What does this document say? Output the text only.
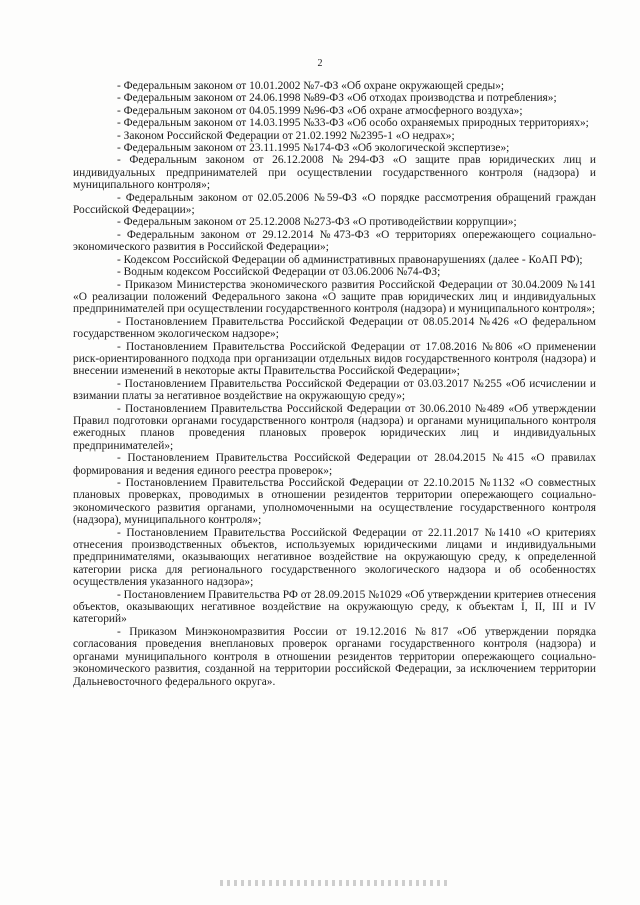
2

- Федеральным законом от 10.01.2002 №7-ФЗ «Об охране окружающей среды»;

- Федеральным законом от 24.06.1998 №89-ФЗ «Об отходах производства и потребления»;

- Федеральным законом от 04.05.1999 №96-ФЗ «Об охране атмосферного воздуха»;

- Федеральным законом от 14.03.1995 №33-ФЗ «Об особо охраняемых природных территориях»;

- Законом Российской Федерации от 21.02.1992 №2395-1 «О недрах»;

- Федеральным законом от 23.11.1995 №174-ФЗ «Об экологической экспертизе»;

- Федеральным законом от 26.12.2008 №294-ФЗ «О защите прав юридических лиц и индивидуальных предпринимателей при осуществлении государственного контроля (надзора) и муниципального контроля»;

- Федеральным законом от 02.05.2006 №59-ФЗ «О порядке рассмотрения обращений граждан Российской Федерации»;

- Федеральным законом от 25.12.2008 №273-ФЗ «О противодействии коррупции»;

- Федеральным законом от 29.12.2014 №473-ФЗ «О территориях опережающего социально-экономического развития в Российской Федерации»;

- Кодексом Российской Федерации об административных правонарушениях (далее - КоАП РФ);

- Водным кодексом Российской Федерации от 03.06.2006 №74-ФЗ;

- Приказом Министерства экономического развития Российской Федерации от 30.04.2009 №141 «О реализации положений Федерального закона «О защите прав юридических лиц и индивидуальных предпринимателей при осуществлении государственного контроля (надзора) и муниципального контроля»;

- Постановлением Правительства Российской Федерации от 08.05.2014 №426 «О федеральном государственном экологическом надзоре»;

- Постановлением Правительства Российской Федерации от 17.08.2016 №806 «О применении риск-ориентированного подхода при организации отдельных видов государственного контроля (надзора) и внесении изменений в некоторые акты Правительства Российской Федерации»;

- Постановлением Правительства Российской Федерации от 03.03.2017 №255 «Об исчислении и взимании платы за негативное воздействие на окружающую среду»;

- Постановлением Правительства Российской Федерации от 30.06.2010 №489 «Об утверждении Правил подготовки органами государственного контроля (надзора) и органами муниципального контроля ежегодных планов проведения плановых проверок юридических лиц и индивидуальных предпринимателей»;

- Постановлением Правительства Российской Федерации от 28.04.2015 №415 «О правилах формирования и ведения единого реестра проверок»;

- Постановлением Правительства Российской Федерации от 22.10.2015 №1132 «О совместных плановых проверках, проводимых в отношении резидентов территории опережающего социально-экономического развития органами, уполномоченными на осуществление государственного контроля (надзора), муниципального контроля»;

- Постановлением Правительства Российской Федерации от 22.11.2017 №1410 «О критериях отнесения производственных объектов, используемых юридическими лицами и индивидуальными предпринимателями, оказывающих негативное воздействие на окружающую среду, к определенной категории риска для регионального государственного экологического надзора и об особенностях осуществления указанного надзора»;

- Постановлением Правительства РФ от 28.09.2015 №1029 «Об утверждении критериев отнесения объектов, оказывающих негативное воздействие на окружающую среду, к объектам I, II, III и IV категорий»

- Приказом Минэкономразвития России от 19.12.2016 №817 «Об утверждении порядка согласования проведения внеплановых проверок органами государственного контроля (надзора) и органами муниципального контроля в отношении резидентов территории опережающего социально-экономического развития, созданной на территории российской Федерации, за исключением территории Дальневосточного федерального округа».
